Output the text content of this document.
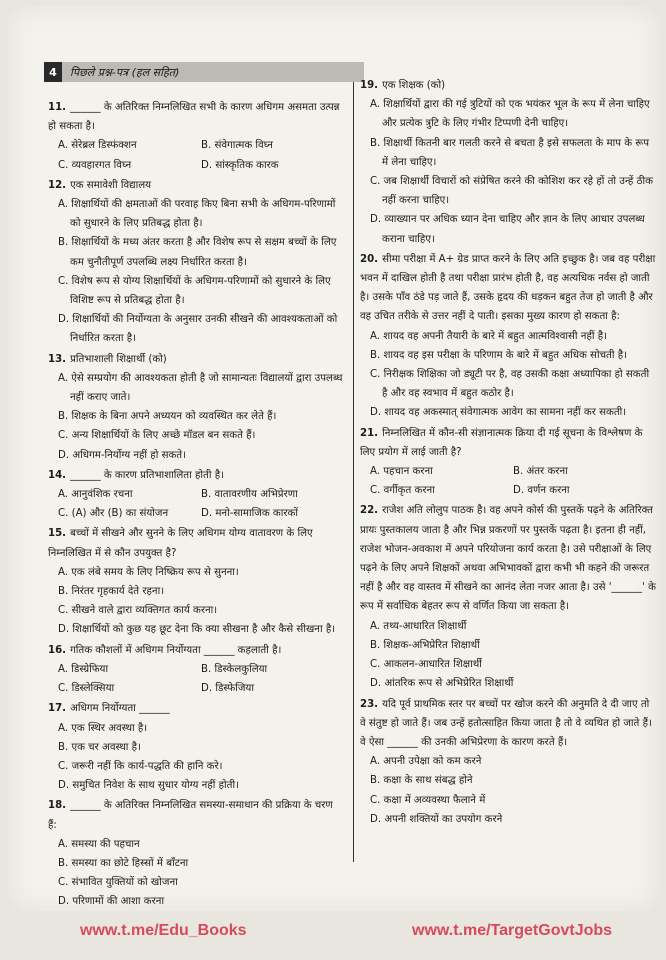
4	पिछले प्रश्न-पत्र (हल सहित)
11. ______ के अतिरिक्त निम्नलिखित सभी के कारण अधिगम असमता उत्पन्न हो सकता है।
A. सेरेब्रल डिस्फंक्शन	B. संवेगात्मक विघ्न
C. व्यवहारगत विघ्न	D. सांस्कृतिक कारक
12. एक समावेशी विद्यालय
A. शिक्षार्थियों की क्षमताओं की परवाह किए बिना सभी के अधिगम-परिणामों को सुधारने के लिए प्रतिबद्ध होता है।
B. शिक्षार्थियों के मध्य अंतर करता है और विशेष रूप से सक्षम बच्चों के लिए कम चुनौतीपूर्ण उपलब्धि लक्ष्य निर्धारित करता है।
C. विशेष रूप से योग्य शिक्षार्थियों के अधिगम-परिणामों को सुधारने के लिए विशिष्ट रूप से प्रतिबद्ध होता है।
D. शिक्षार्थियों की निर्योग्यता के अनुसार उनकी सीखने की आवश्यकताओं को निर्धारित करता है।
13. प्रतिभाशाली शिक्षार्थी (को)
A. ऐसे सम्प्रयोग की आवश्यकता होती है जो सामान्यतः विद्यालयों द्वारा उपलब्ध नहीं कराए जाते।
B. शिक्षक के बिना अपने अध्ययन को व्यवस्थित कर लेते हैं।
C. अन्य शिक्षार्थियों के लिए अच्छे मॉडल बन सकते हैं।
D. अधिगम-निर्योग्य नहीं हो सकते।
14. ______ के कारण प्रतिभाशालिता होती है।
A. आनुवंशिक रचना	B. वातावरणीय अभिप्रेरणा
C. (A) और (B) का संयोजन	D. मनो-सामाजिक कारकों
15. बच्चों में सीखने और सुनने के लिए अधिगम योग्य वातावरण के लिए निम्नलिखित में से कौन उपयुक्त है?
A. एक लंबे समय के लिए निष्क्रिय रूप से सुनना।
B. निरंतर गृहकार्य देते रहना।
C. सीखने वाले द्वारा व्यक्तिगत कार्य करना।
D. शिक्षार्थियों को कुछ यह छूट देना कि क्या सीखना है और कैसे सीखना है।
16. गतिक कौशलों में अधिगम निर्योग्यता ______ कहलाती है।
A. डिस्ग्रेफिया	B. डिस्केलकुलिया
C. डिस्लेक्सिया	D. डिस्फेजिया
17. अधिगम निर्योग्यता ______
A. एक स्थिर अवस्था है।
B. एक चर अवस्था है।
C. जरूरी नहीं कि कार्य-पद्धति की हानि करे।
D. समुचित निवेश के साथ सुधार योग्य नहीं होती।
18. ______ के अतिरिक्त निम्नलिखित समस्या-समाधान की प्रक्रिया के चरण हैं:
A. समस्या की पहचान
B. समस्या का छोटे हिस्सों में बाँटना
C. संभावित युक्तियों को खोजना
D. परिणामों की आशा करना
19. एक शिक्षक (को)
A. शिक्षार्थियों द्वारा की गई त्रुटियों को एक भयंकर भूल के रूप में लेना चाहिए और प्रत्येक त्रुटि के लिए गंभीर टिप्पणी देनी चाहिए।
B. शिक्षार्थी कितनी बार गलती करने से बचता है इसे सफलता के माप के रूप में लेना चाहिए।
C. जब शिक्षार्थी विचारों को संप्रेषित करने की कोशिश कर रहे हों तो उन्हें ठीक नहीं करना चाहिए।
D. व्याख्यान पर अधिक ध्यान देना चाहिए और ज्ञान के लिए आधार उपलब्ध कराना चाहिए।
20. सीमा परीक्षा में A+ ग्रेड प्राप्त करने के लिए अति इच्छुक है। जब वह परीक्षा भवन में दाखिल होती है तथा परीक्षा प्रारंभ होती है, वह अत्यधिक नर्वस हो जाती है। उसके पाँव ठंडे पड़ जाते हैं, उसके हृदय की धड़कन बहुत तेज हो जाती है और वह उचित तरीके से उत्तर नहीं दे पाती। इसका मुख्य कारण हो सकता है:
A. शायद वह अपनी तैयारी के बारे में बहुत आत्मविश्वासी नहीं है।
B. शायद वह इस परीक्षा के परिणाम के बारे में बहुत अधिक सोचती है।
C. निरीक्षक शिक्षिका जो ड्यूटी पर है, वह उसकी कक्षा अध्यापिका हो सकती है और वह स्वभाव में बहुत कठोर है।
D. शायद वह अकस्मात् संवेगात्मक आवेग का सामना नहीं कर सकती।
21. निम्नलिखित में कौन-सी संज्ञानात्मक क्रिया दी गई सूचना के विश्लेषण के लिए प्रयोग में लाई जाती है?
A. पहचान करना	B. अंतर करना
C. वर्गीकृत करना	D. वर्णन करना
22. राजेश अति लोलुप पाठक है। वह अपने कोर्स की पुस्तकें पढ़ने के अतिरिक्त प्रायः पुस्तकालय जाता है और भिन्न प्रकरणों पर पुस्तकें पढ़ता है। इतना ही नहीं, राजेश भोजन-अवकाश में अपने परियोजना कार्य करता है। उसे परीक्षाओं के लिए पढ़ने के लिए अपने शिक्षकों अथवा अभिभावकों द्वारा कभी भी कहने की जरूरत नहीं है और वह वास्तव में सीखने का आनंद लेता नजर आता है। उसे '______' के रूप में सर्वाधिक बेहतर रूप से वर्णित किया जा सकता है।
A. तथ्य-आधारित शिक्षार्थी
B. शिक्षक-अभिप्रेरित शिक्षार्थी
C. आकलन-आधारित शिक्षार्थी
D. आंतरिक रूप से अभिप्रेरित शिक्षार्थी
23. यदि पूर्व प्राथमिक स्तर पर बच्चों पर खोज करने की अनुमति दे दी जाए तो वे संतुष्ट हो जाते हैं। जब उन्हें हतोत्साहित किया जाता है तो वे व्यथित हो जाते हैं। वे ऐसा ______ की उनकी अभिप्रेरणा के कारण करते हैं।
A. अपनी उपेक्षा को कम करने
B. कक्षा के साथ संबद्ध होने
C. कक्षा में अव्यवस्था फैलाने में
D. अपनी शक्तियों का उपयोग करने
www.t.me/Edu_Books	www.t.me/TargetGovtJobs
